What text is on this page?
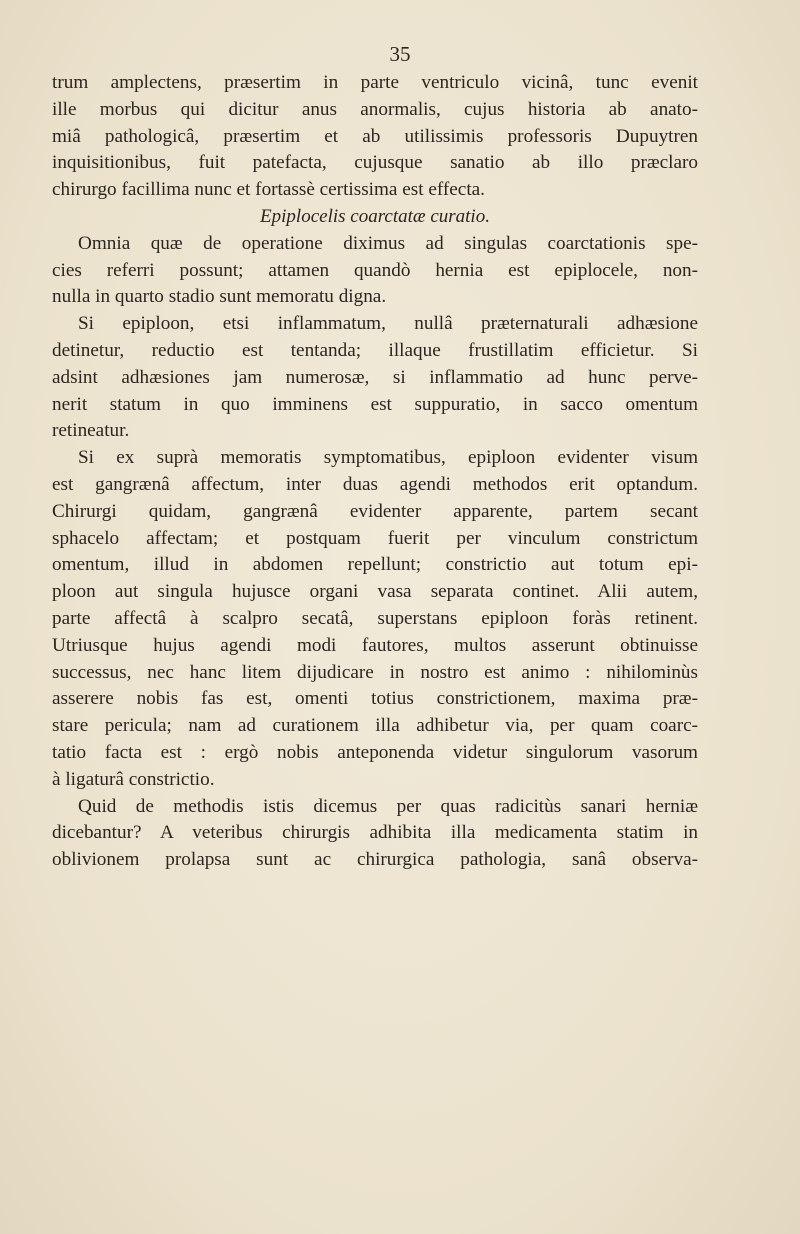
35

trum amplectens, præsertim in parte ventriculo vicinâ, tunc evenit
ille morbus qui dicitur anus anormalis, cujus historia ab anato-
miâ pathologicâ, præsertim et ab utilissimis professoris Dupuytren
inquisitionibus, fuit patefacta, cujusque sanatio ab illo præclaro
chirurgo facillima nunc et fortassè certissima est effecta.

Epiplocelis coarctatæ curatio.

Omnia quæ de operatione diximus ad singulas coarctationis spe-
cies referri possunt; attamen quandò hernia est epiplocele, non-
nulla in quarto stadio sunt memoratu digna.

Si epiploon, etsi inflammatum, nullâ præternaturali adhæsione
detinetur, reductio est tentanda; illaque frustillatim efficietur. Si
adsint adhæsiones jam numerosæ, si inflammatio ad hunc perve-
nerit statum in quo imminens est suppuratio, in sacco omentum
retineatur.

Si ex suprà memoratis symptomatibus, epiploon evidenter visum
est gangrænâ affectum, inter duas agendi methodos erit optandum.
Chirurgi quidam, gangrænâ evidenter apparente, partem secant
sphacelo affectam; et postquam fuerit per vinculum constrictum
omentum, illud in abdomen repellunt; constrictio aut totum epi-
ploon aut singula hujusce organi vasa separata continet. Alii autem,
parte affectâ à scalpro secatâ, superstans epiploon foràs retinent.
Utriusque hujus agendi modi fautores, multos asserunt obtinuisse
successus, nec hanc litem dijudicare in nostro est animo : nihilominùs
asserere nobis fas est, omenti totius constrictionem, maxima præ-
stare pericula; nam ad curationem illa adhibetur via, per quam coarc-
tatio facta est : ergò nobis anteponenda videtur singulorum vasorum
à ligaturâ constrictio.

Quid de methodis istis dicemus per quas radicitùs sanari herniæ
dicebantur? A veteribus chirurgis adhibita illa medicamenta statim in
oblivionem prolapsa sunt ac chirurgica pathologia, sanâ observa-
